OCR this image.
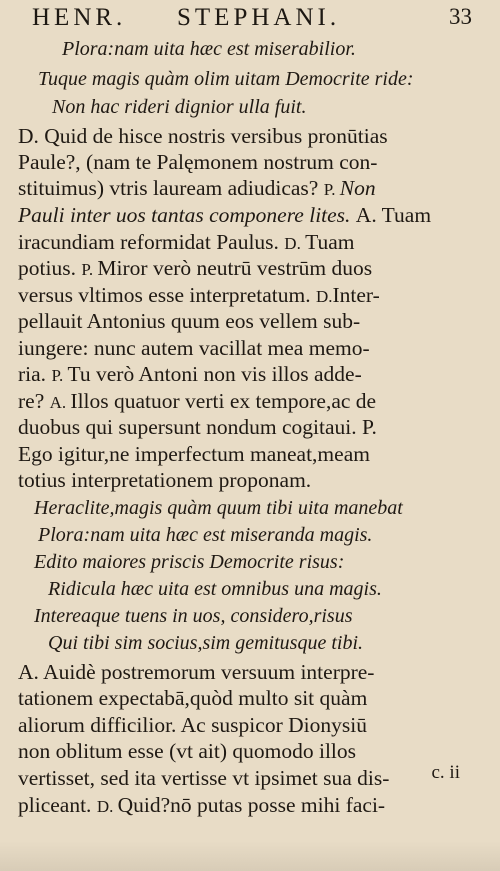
HENR. STEPHANI.	33
Plora:nam uita hæc est miserabilior.
Tuque magis quàm olim uitam Democrite ride:
Non hac rideri dignior ulla fuit.
D. Quid de hisce nostris versibus pronūtias
Paule?, (nam te Palęmonem nostrum con-
stituimus) vtris lauream adiudicas? P. Non
Pauli inter uos tantas componere lites. A. Tuam
iracundiam reformidat Paulus. D. Tuam
potius. P. Miror verò neutrū vestrūm duos
versus vltimos esse interpretatum. D.Inter-
pellauit Antonius quum eos vellem sub-
iungere: nunc autem vacillat mea memo-
ria. P. Tu verò Antoni non vis illos adde-
re? A. Illos quatuor verti ex tempore,ac de
duobus qui supersunt nondum cogitaui. P.
Ego igitur,ne imperfectum maneat,meam
totius interpretationem proponam.
Heraclite,magis quàm quum tibi uita manebat
Plora:nam uita hæc est miseranda magis.
Edito maiores priscis Democrite risus:
Ridicula hæc uita est omnibus una magis.
Intereaque tuens in uos, considero,risus
Qui tibi sim socius,sim gemitusque tibi.
A. Auidè postremorum versuum interpre-
tationem expectabā,quòd multo sit quàm
aliorum difficilior. Ac suspicor Dionysiū
non oblitum esse (vt ait) quomodo illos
vertisset, sed ita vertisse vt ipsimet sua dis-
pliceant. D. Quid?nō putas posse mihi faci-
c. ii
